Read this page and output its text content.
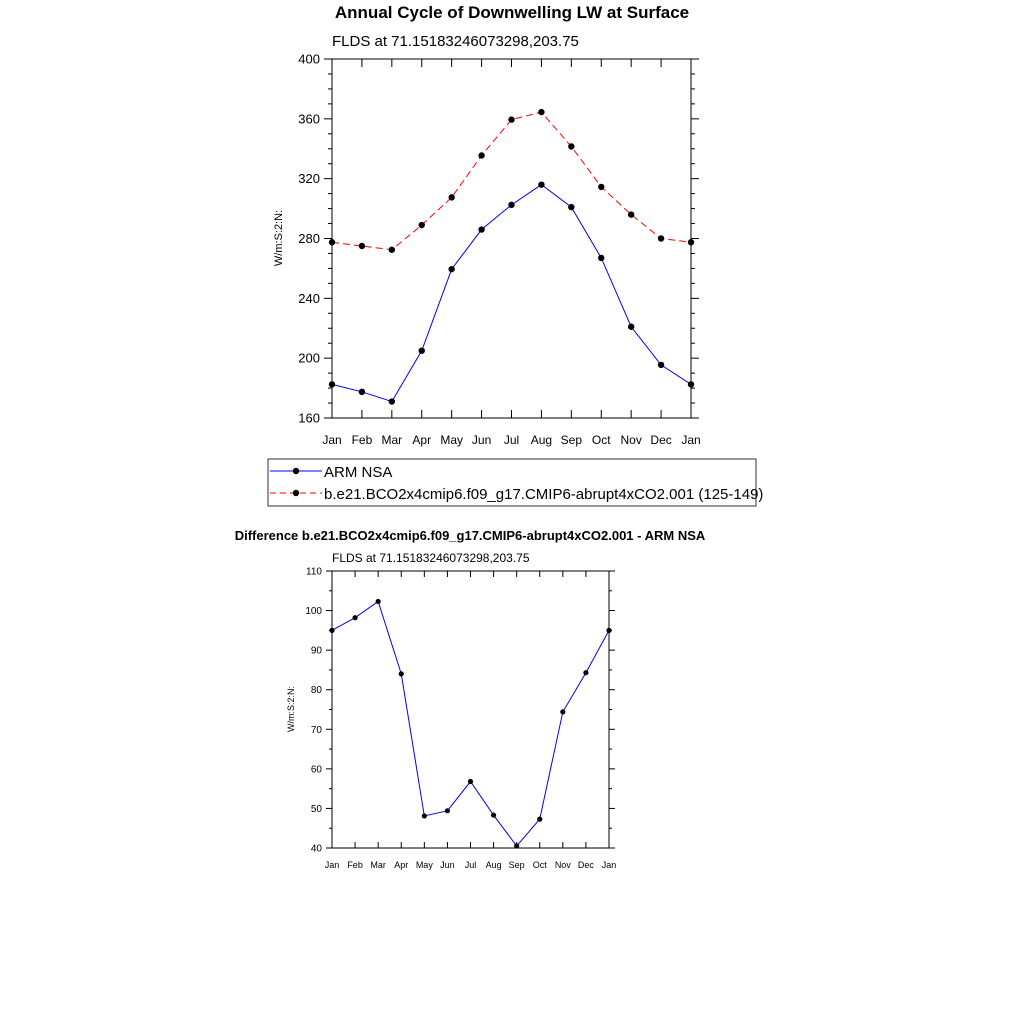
Annual Cycle of Downwelling LW at Surface
FLDS at 71.15183246073298,203.75
W/m:S:2:N:
Jan Feb Mar Apr May Jun Jul Aug Sep Oct Nov Dec Jan
160
200
240
280
320
360
400
ARM NSA
b.e21.BCO2x4cmip6.f09_g17.CMIP6-abrupt4xCO2.001 (125-149)
Difference b.e21.BCO2x4cmip6.f09_g17.CMIP6-abrupt4xCO2.001 - ARM NSA
FLDS at 71.15183246073298,203.75
W/m:S:2:N:
Jan Feb Mar Apr May Jun Jul Aug Sep Oct Nov Dec Jan
40
50
60
70
80
90
100
110
